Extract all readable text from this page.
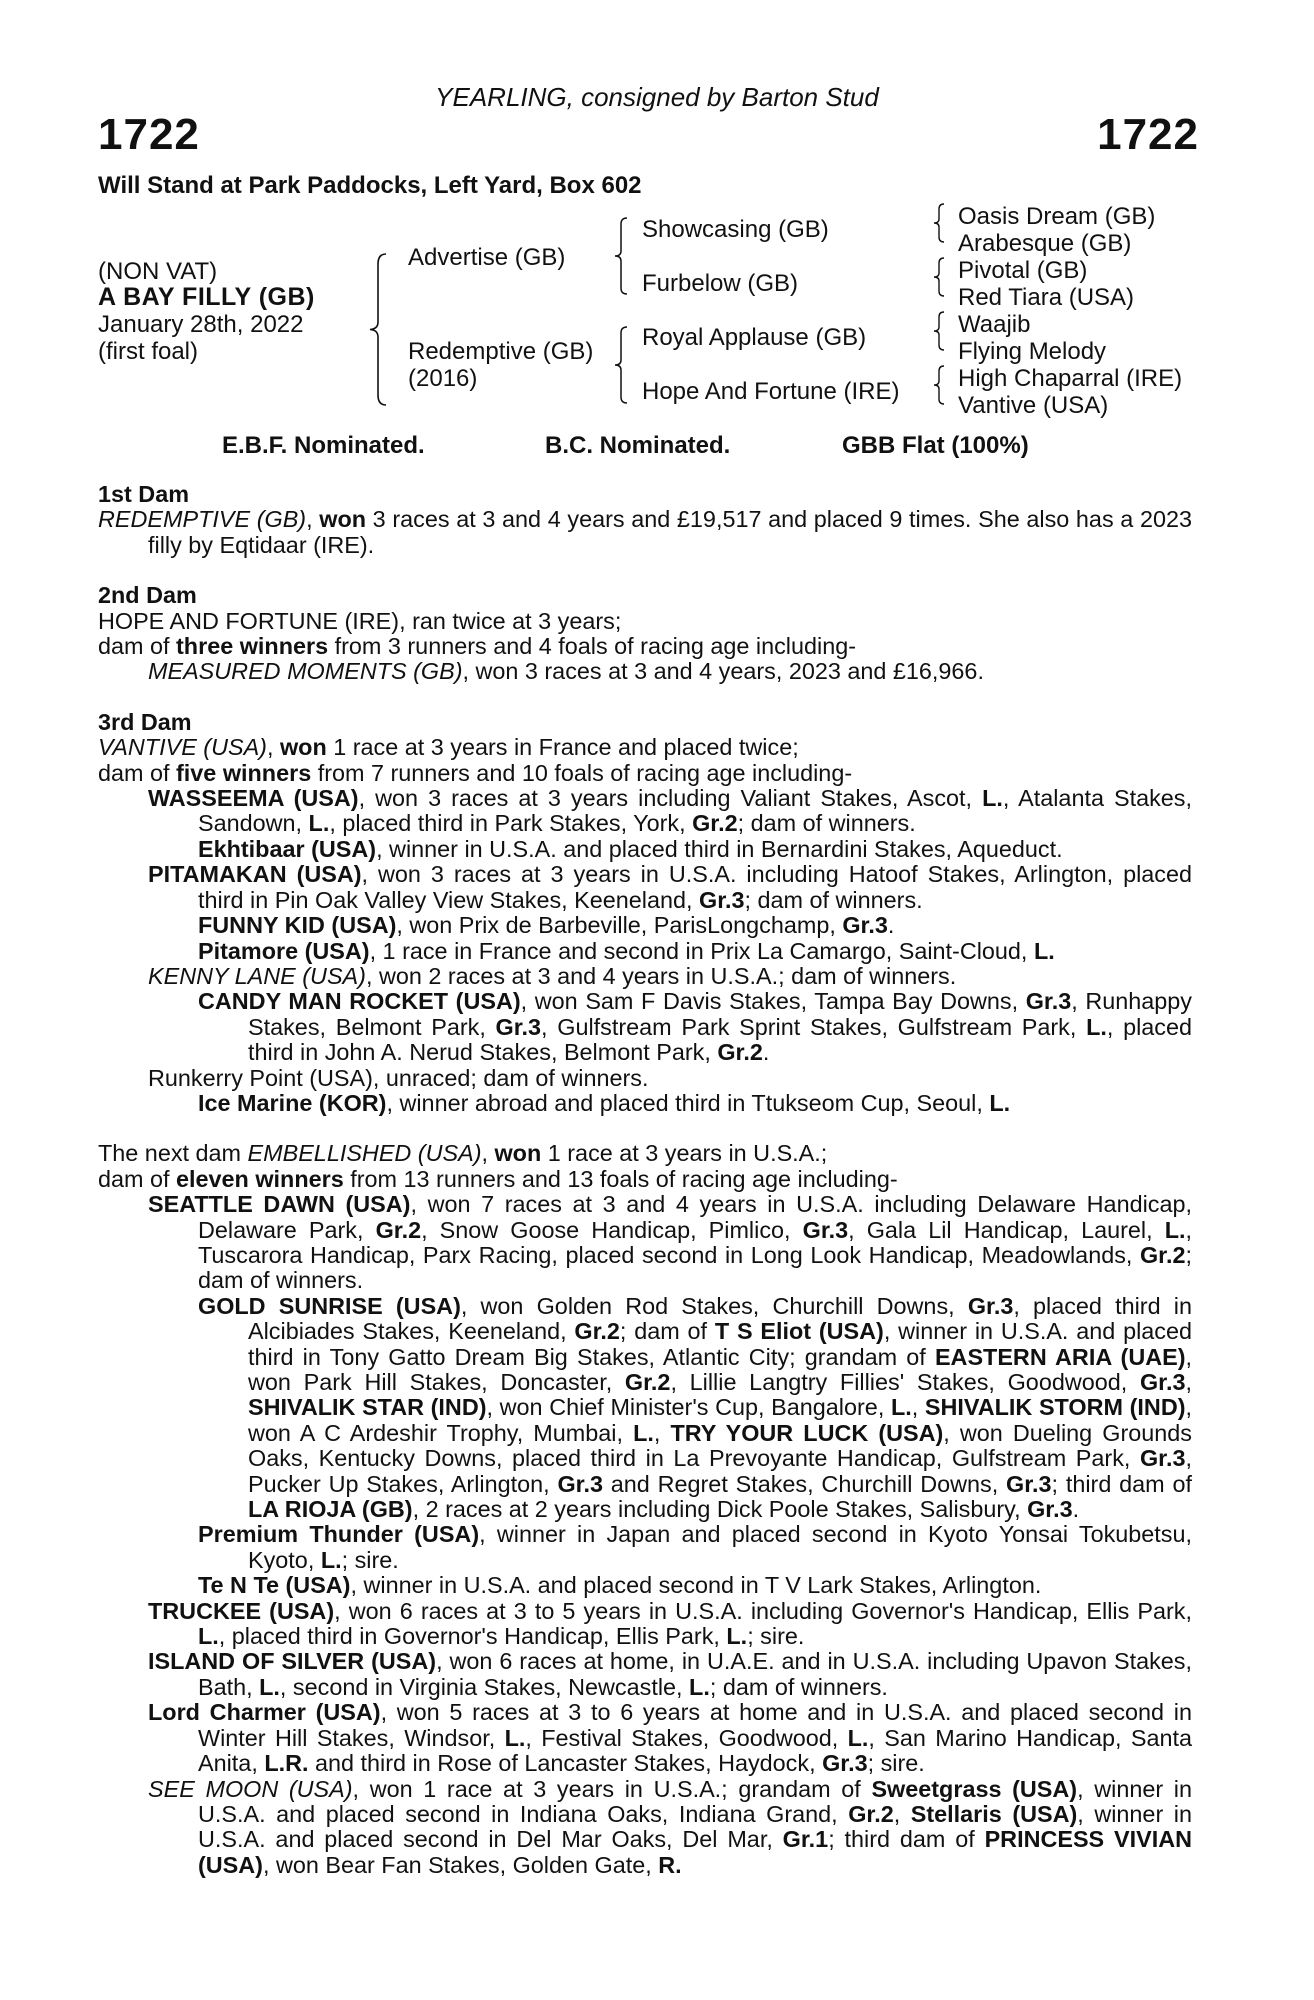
YEARLING, consigned by Barton Stud
1722	1722
Will Stand at Park Paddocks, Left Yard, Box 602
(NON VAT)
A BAY FILLY (GB)
January 28th, 2022
(first foal)
Advertise (GB)
Redemptive (GB)
(2016)
Showcasing (GB)
Furbelow (GB)
Royal Applause (GB)
Hope And Fortune (IRE)
Oasis Dream (GB)
Arabesque (GB)
Pivotal (GB)
Red Tiara (USA)
Waajib
Flying Melody
High Chaparral (IRE)
Vantive (USA)
E.B.F. Nominated.	B.C. Nominated.	GBB Flat (100%)
1st Dam
REDEMPTIVE (GB), won 3 races at 3 and 4 years and £19,517 and placed 9 times. She also has a 2023 filly by Eqtidaar (IRE).
2nd Dam
HOPE AND FORTUNE (IRE), ran twice at 3 years;
dam of three winners from 3 runners and 4 foals of racing age including-
MEASURED MOMENTS (GB), won 3 races at 3 and 4 years, 2023 and £16,966.
3rd Dam
VANTIVE (USA), won 1 race at 3 years in France and placed twice;
dam of five winners from 7 runners and 10 foals of racing age including-
WASSEEMA (USA), won 3 races at 3 years including Valiant Stakes, Ascot, L., Atalanta Stakes, Sandown, L., placed third in Park Stakes, York, Gr.2; dam of winners.
Ekhtibaar (USA), winner in U.S.A. and placed third in Bernardini Stakes, Aqueduct.
PITAMAKAN (USA), won 3 races at 3 years in U.S.A. including Hatoof Stakes, Arlington, placed third in Pin Oak Valley View Stakes, Keeneland, Gr.3; dam of winners.
FUNNY KID (USA), won Prix de Barbeville, ParisLongchamp, Gr.3.
Pitamore (USA), 1 race in France and second in Prix La Camargo, Saint-Cloud, L.
KENNY LANE (USA), won 2 races at 3 and 4 years in U.S.A.; dam of winners.
CANDY MAN ROCKET (USA), won Sam F Davis Stakes, Tampa Bay Downs, Gr.3, Runhappy Stakes, Belmont Park, Gr.3, Gulfstream Park Sprint Stakes, Gulfstream Park, L., placed third in John A. Nerud Stakes, Belmont Park, Gr.2.
Runkerry Point (USA), unraced; dam of winners.
Ice Marine (KOR), winner abroad and placed third in Ttukseom Cup, Seoul, L.
The next dam EMBELLISHED (USA), won 1 race at 3 years in U.S.A.;
dam of eleven winners from 13 runners and 13 foals of racing age including-
SEATTLE DAWN (USA), won 7 races at 3 and 4 years in U.S.A. including Delaware Handicap, Delaware Park, Gr.2, Snow Goose Handicap, Pimlico, Gr.3, Gala Lil Handicap, Laurel, L., Tuscarora Handicap, Parx Racing, placed second in Long Look Handicap, Meadowlands, Gr.2; dam of winners.
GOLD SUNRISE (USA), won Golden Rod Stakes, Churchill Downs, Gr.3, placed third in Alcibiades Stakes, Keeneland, Gr.2; dam of T S Eliot (USA), winner in U.S.A. and placed third in Tony Gatto Dream Big Stakes, Atlantic City; grandam of EASTERN ARIA (UAE), won Park Hill Stakes, Doncaster, Gr.2, Lillie Langtry Fillies' Stakes, Goodwood, Gr.3, SHIVALIK STAR (IND), won Chief Minister's Cup, Bangalore, L., SHIVALIK STORM (IND), won A C Ardeshir Trophy, Mumbai, L., TRY YOUR LUCK (USA), won Dueling Grounds Oaks, Kentucky Downs, placed third in La Prevoyante Handicap, Gulfstream Park, Gr.3, Pucker Up Stakes, Arlington, Gr.3 and Regret Stakes, Churchill Downs, Gr.3; third dam of LA RIOJA (GB), 2 races at 2 years including Dick Poole Stakes, Salisbury, Gr.3.
Premium Thunder (USA), winner in Japan and placed second in Kyoto Yonsai Tokubetsu, Kyoto, L.; sire.
Te N Te (USA), winner in U.S.A. and placed second in T V Lark Stakes, Arlington.
TRUCKEE (USA), won 6 races at 3 to 5 years in U.S.A. including Governor's Handicap, Ellis Park, L., placed third in Governor's Handicap, Ellis Park, L.; sire.
ISLAND OF SILVER (USA), won 6 races at home, in U.A.E. and in U.S.A. including Upavon Stakes, Bath, L., second in Virginia Stakes, Newcastle, L.; dam of winners.
Lord Charmer (USA), won 5 races at 3 to 6 years at home and in U.S.A. and placed second in Winter Hill Stakes, Windsor, L., Festival Stakes, Goodwood, L., San Marino Handicap, Santa Anita, L.R. and third in Rose of Lancaster Stakes, Haydock, Gr.3; sire.
SEE MOON (USA), won 1 race at 3 years in U.S.A.; grandam of Sweetgrass (USA), winner in U.S.A. and placed second in Indiana Oaks, Indiana Grand, Gr.2, Stellaris (USA), winner in U.S.A. and placed second in Del Mar Oaks, Del Mar, Gr.1; third dam of PRINCESS VIVIAN (USA), won Bear Fan Stakes, Golden Gate, R.
